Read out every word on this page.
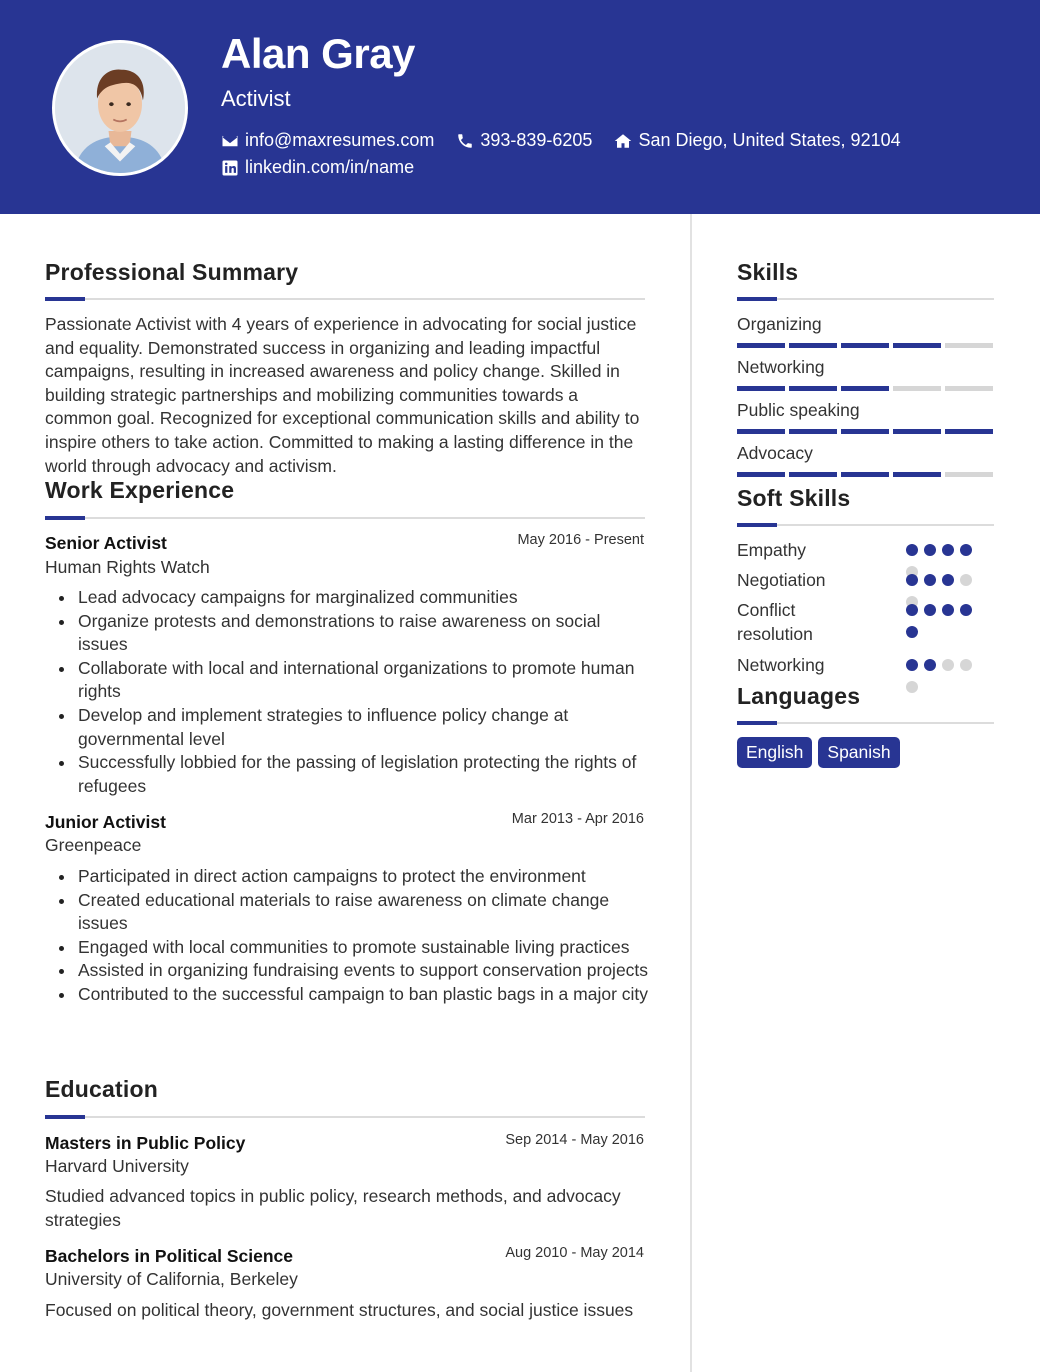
Alan Gray
Activist
info@maxresumes.com	393-839-6205	San Diego, United States, 92104
linkedin.com/in/name
Professional Summary
Passionate Activist with 4 years of experience in advocating for social justice and equality. Demonstrated success in organizing and leading impactful campaigns, resulting in increased awareness and policy change. Skilled in building strategic partnerships and mobilizing communities towards a common goal. Recognized for exceptional communication skills and ability to inspire others to take action. Committed to making a lasting difference in the world through advocacy and activism.
Work Experience
Senior Activist	May 2016 - Present
Human Rights Watch
Lead advocacy campaigns for marginalized communities
Organize protests and demonstrations to raise awareness on social issues
Collaborate with local and international organizations to promote human rights
Develop and implement strategies to influence policy change at governmental level
Successfully lobbied for the passing of legislation protecting the rights of refugees
Junior Activist	Mar 2013 - Apr 2016
Greenpeace
Participated in direct action campaigns to protect the environment
Created educational materials to raise awareness on climate change issues
Engaged with local communities to promote sustainable living practices
Assisted in organizing fundraising events to support conservation projects
Contributed to the successful campaign to ban plastic bags in a major city
Education
Masters in Public Policy	Sep 2014 - May 2016
Harvard University
Studied advanced topics in public policy, research methods, and advocacy strategies
Bachelors in Political Science	Aug 2010 - May 2014
University of California, Berkeley
Focused on political theory, government structures, and social justice issues
Skills
Organizing
Networking
Public speaking
Advocacy
Soft Skills
Empathy
Negotiation
Conflict resolution
Networking
Languages
English	Spanish
